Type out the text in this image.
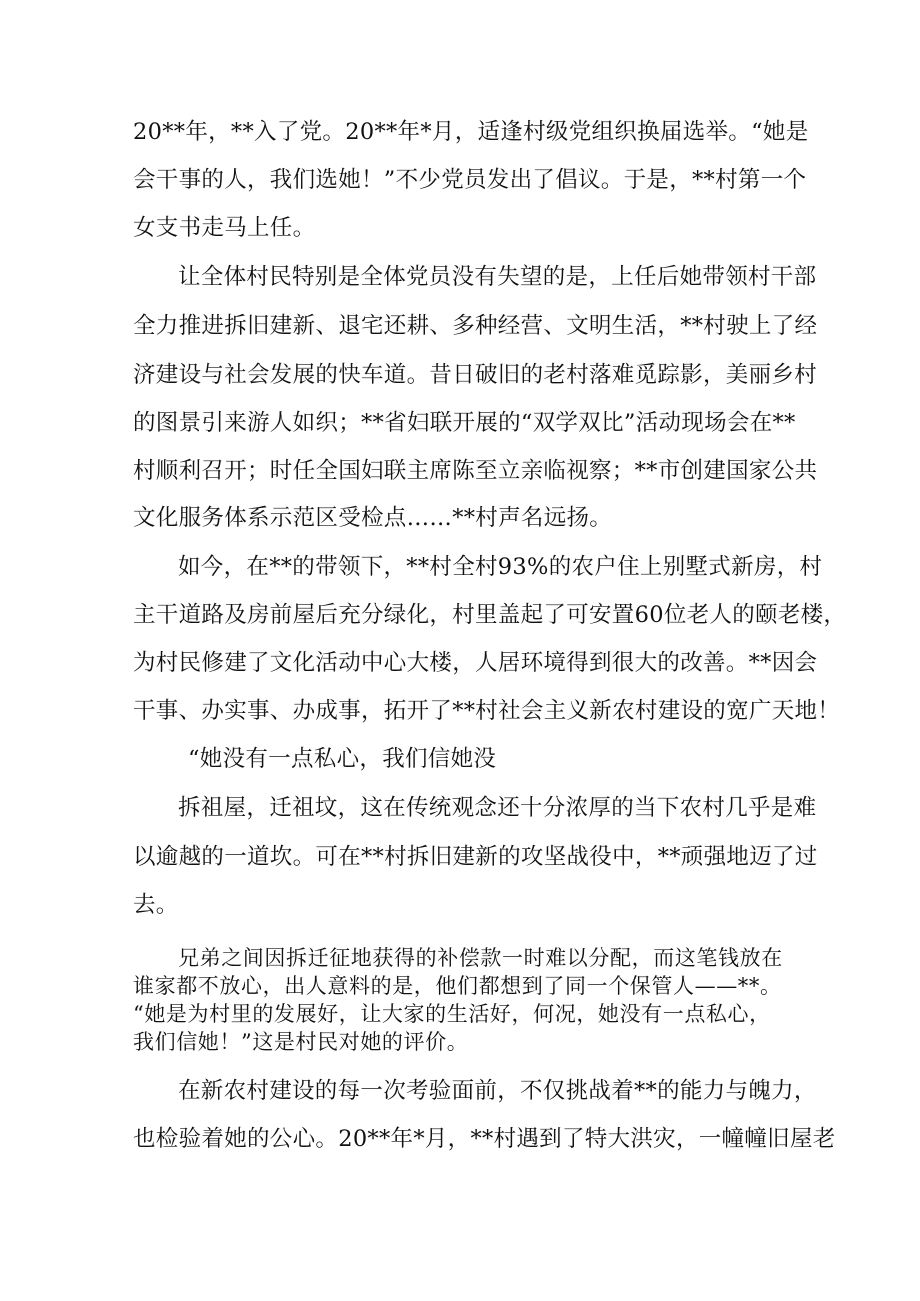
20**年，**入了党。20**年*月，适逢村级党组织换届选举。“她是
会干事的人，我们选她！”不少党员发出了倡议。于是，**村第一个
女支书走马上任。
让全体村民特别是全体党员没有失望的是，上任后她带领村干部
全力推进拆旧建新、退宅还耕、多种经营、文明生活，**村驶上了经
济建设与社会发展的快车道。昔日破旧的老村落难觅踪影，美丽乡村
的图景引来游人如织；**省妇联开展的“双学双比”活动现场会在**
村顺利召开；时任全国妇联主席陈至立亲临视察；**市创建国家公共
文化服务体系示范区受检点……**村声名远扬。
如今，在**的带领下，**村全村93%的农户住上别墅式新房，村
主干道路及房前屋后充分绿化，村里盖起了可安置60位老人的颐老楼，
为村民修建了文化活动中心大楼，人居环境得到很大的改善。**因会
干事、办实事、办成事，拓开了**村社会主义新农村建设的宽广天地！
“她没有一点私心，我们信她没
拆祖屋，迁祖坟，这在传统观念还十分浓厚的当下农村几乎是难
以逾越的一道坎。可在**村拆旧建新的攻坚战役中，**顽强地迈了过
去。
兄弟之间因拆迁征地获得的补偿款一时难以分配，而这笔钱放在
谁家都不放心，出人意料的是，他们都想到了同一个保管人——**。
“她是为村里的发展好，让大家的生活好，何况，她没有一点私心，
我们信她！”这是村民对她的评价。
在新农村建设的每一次考验面前，不仅挑战着**的能力与魄力，
也检验着她的公心。20**年*月，**村遇到了特大洪灾，一幢幢旧屋老
